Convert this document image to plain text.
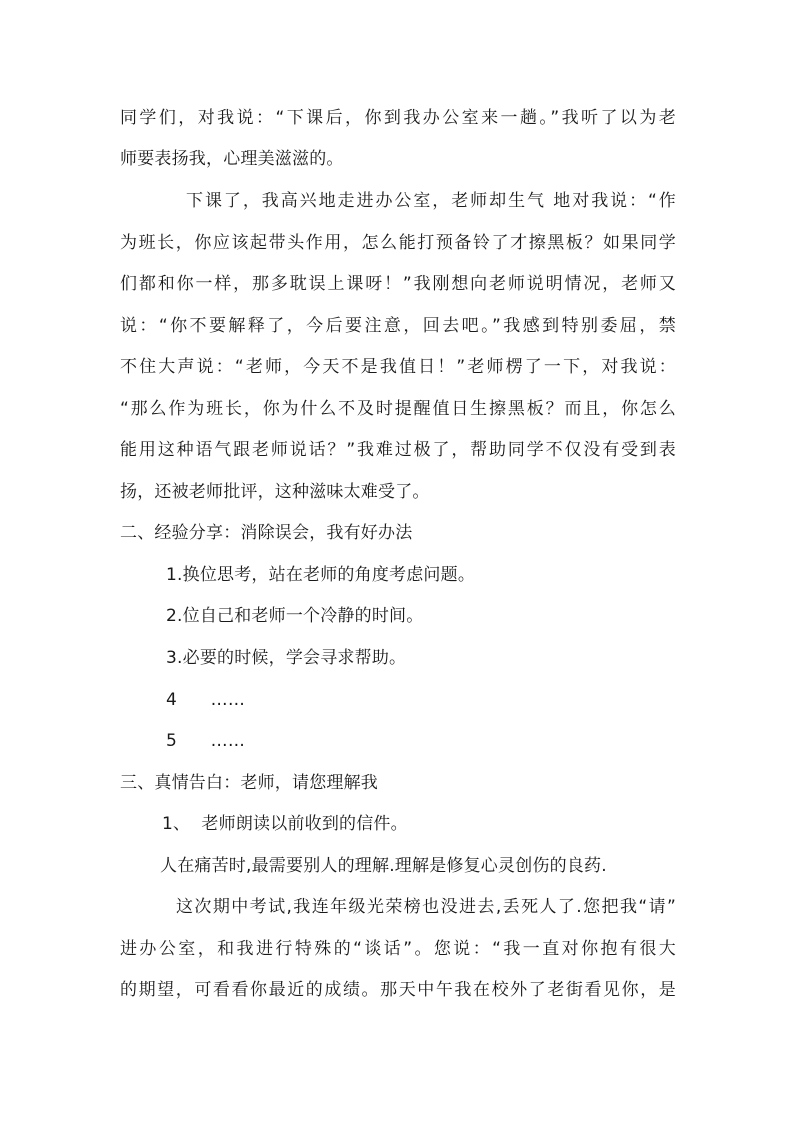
同学们，对我说：“下课后，你到我办公室来一趟。”我听了以为老
师要表扬我，心理美滋滋的。
下课了，我高兴地走进办公室，老师却生气 地对我说：“作
为班长，你应该起带头作用，怎么能打预备铃了才擦黑板？如果同学
们都和你一样，那多耽误上课呀！”我刚想向老师说明情况，老师又
说：“你不要解释了，今后要注意，回去吧。”我感到特别委屈，禁
不住大声说：“老师，今天不是我值日！”老师楞了一下，对我说：
“那么作为班长，你为什么不及时提醒值日生擦黑板？而且，你怎么
能用这种语气跟老师说话？”我难过极了，帮助同学不仅没有受到表
扬，还被老师批评，这种滋味太难受了。
二、经验分享：消除误会，我有好办法
1.换位思考，站在老师的角度考虑问题。
2.位自己和老师一个冷静的时间。
3.必要的时候，学会寻求帮助。
4      ……
5      ……
三、真情告白：老师，请您理解我
1、  老师朗读以前收到的信件。
人在痛苦时,最需要别人的理解.理解是修复心灵创伤的良药.
这次期中考试,我连年级光荣榜也没进去,丢死人了.您把我“请”
进办公室，和我进行特殊的“谈话”。您说：“我一直对你抱有很大
的期望，可看看你最近的成绩。那天中午我在校外了老街看见你，是
